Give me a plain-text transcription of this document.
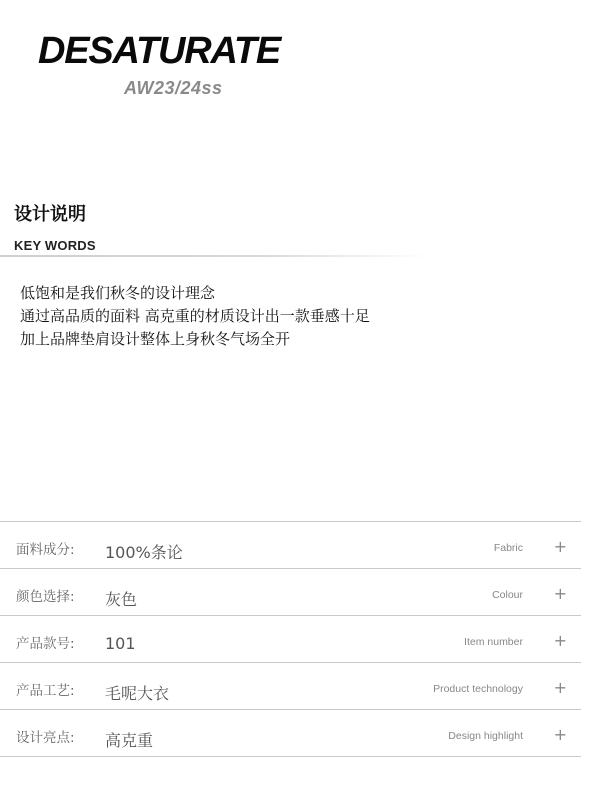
DESATURATE
AW23/24ss
设计说明
KEY WORDS
低饱和是我们秋冬的设计理念
通过高品质的面料 高克重的材质设计出一款垂感十足
加上品牌垫肩设计整体上身秋冬气场全开
面料成分: 100%条论	Fabric +
颜色选择: 灰色	Colour +
产品款号: 101	Item number +
产品工艺: 毛呢大衣	Product technology +
设计亮点: 高克重	Design highlight +
